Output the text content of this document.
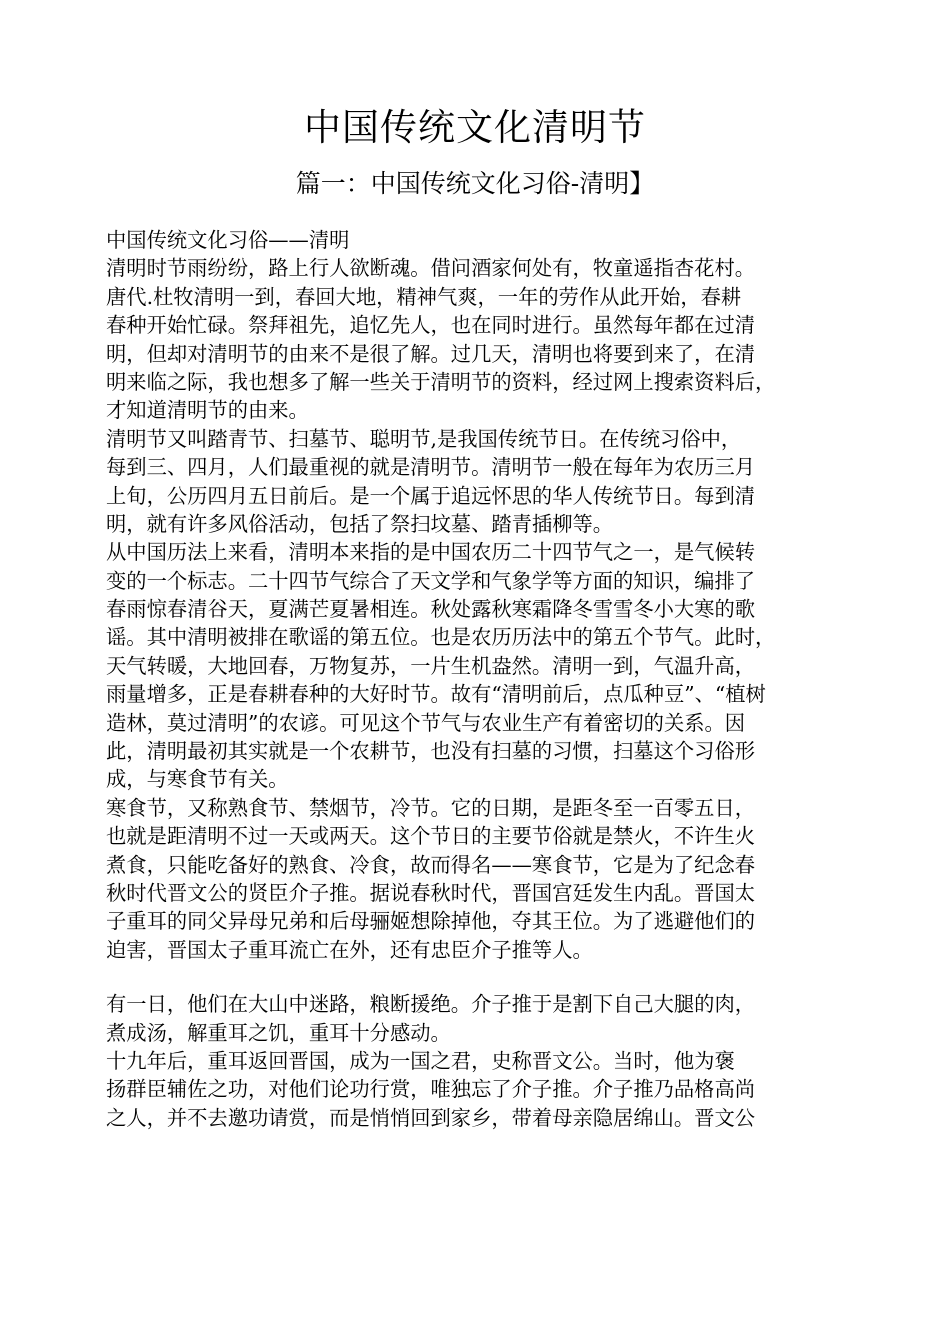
中国传统文化清明节
篇一：中国传统文化习俗-清明】
中国传统文化习俗——清明
清明时节雨纷纷，路上行人欲断魂。借问酒家何处有，牧童遥指杏花村。
唐代.杜牧清明一到，春回大地，精神气爽，一年的劳作从此开始，春耕
春种开始忙碌。祭拜祖先，追忆先人，也在同时进行。虽然每年都在过清
明，但却对清明节的由来不是很了解。过几天，清明也将要到来了，在清
明来临之际，我也想多了解一些关于清明节的资料，经过网上搜索资料后，
才知道清明节的由来。
清明节又叫踏青节、扫墓节、聪明节,是我国传统节日。在传统习俗中，
每到三、四月，人们最重视的就是清明节。清明节一般在每年为农历三月
上旬，公历四月五日前后。是一个属于追远怀思的华人传统节日。每到清
明，就有许多风俗活动，包括了祭扫坟墓、踏青插柳等。
从中国历法上来看，清明本来指的是中国农历二十四节气之一，是气候转
变的一个标志。二十四节气综合了天文学和气象学等方面的知识，编排了
春雨惊春清谷天，夏满芒夏暑相连。秋处露秋寒霜降冬雪雪冬小大寒的歌
谣。其中清明被排在歌谣的第五位。也是农历历法中的第五个节气。此时，
天气转暖，大地回春，万物复苏，一片生机盎然。清明一到，气温升高，
雨量增多，正是春耕春种的大好时节。故有“清明前后，点瓜种豆”、“植树
造林，莫过清明”的农谚。可见这个节气与农业生产有着密切的关系。因
此，清明最初其实就是一个农耕节，也没有扫墓的习惯，扫墓这个习俗形
成，与寒食节有关。
寒食节，又称熟食节、禁烟节，冷节。它的日期，是距冬至一百零五日，
也就是距清明不过一天或两天。这个节日的主要节俗就是禁火，不许生火
煮食，只能吃备好的熟食、冷食，故而得名——寒食节，它是为了纪念春
秋时代晋文公的贤臣介子推。据说春秋时代，晋国宫廷发生内乱。晋国太
子重耳的同父异母兄弟和后母骊姬想除掉他，夺其王位。为了逃避他们的
迫害，晋国太子重耳流亡在外，还有忠臣介子推等人。
有一日，他们在大山中迷路，粮断援绝。介子推于是割下自己大腿的肉，
煮成汤，解重耳之饥，重耳十分感动。
十九年后，重耳返回晋国，成为一国之君，史称晋文公。当时，他为褒
扬群臣辅佐之功，对他们论功行赏，唯独忘了介子推。介子推乃品格高尚
之人，并不去邀功请赏，而是悄悄回到家乡，带着母亲隐居绵山。晋文公
